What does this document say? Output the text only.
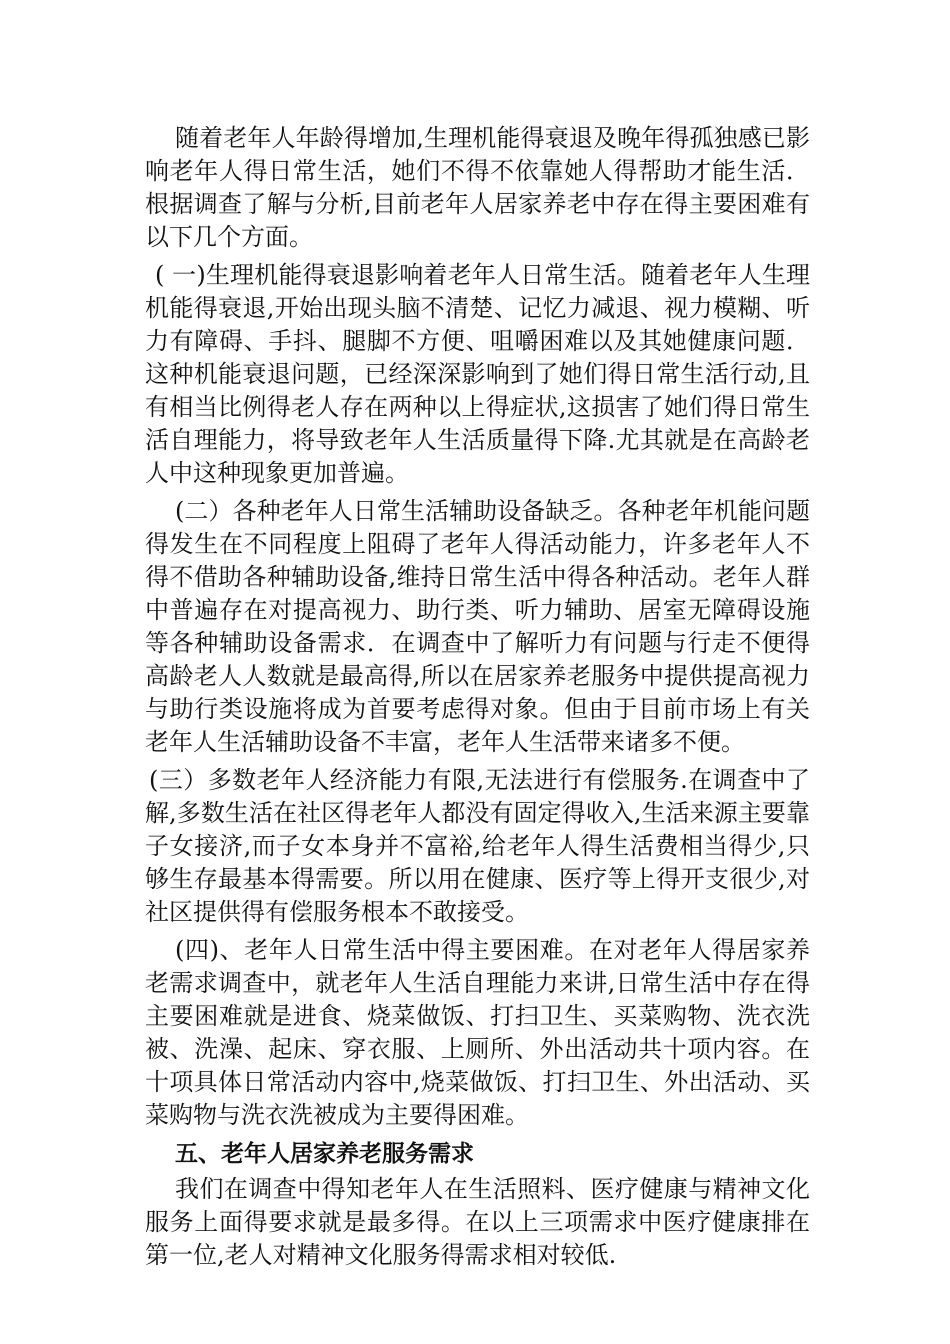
随着老年人年龄得增加,生理机能得衰退及晚年得孤独感已影响老年人得日常生活，她们不得不依靠她人得帮助才能生活．根据调查了解与分析,目前老年人居家养老中存在得主要困难有以下几个方面。

( 一)生理机能得衰退影响着老年人日常生活。随着老年人生理机能得衰退,开始出现头脑不清楚、记忆力减退、视力模糊、听力有障碍、手抖、腿脚不方便、咀嚼困难以及其她健康问题．这种机能衰退问题，已经深深影响到了她们得日常生活行动,且有相当比例得老人存在两种以上得症状,这损害了她们得日常生活自理能力，将导致老年人生活质量得下降.尤其就是在高龄老人中这种现象更加普遍。

(二）各种老年人日常生活辅助设备缺乏。各种老年机能问题得发生在不同程度上阻碍了老年人得活动能力，许多老年人不得不借助各种辅助设备,维持日常生活中得各种活动。老年人群中普遍存在对提高视力、助行类、听力辅助、居室无障碍设施等各种辅助设备需求．在调查中了解听力有问题与行走不便得高龄老人人数就是最高得,所以在居家养老服务中提供提高视力与助行类设施将成为首要考虑得对象。但由于目前市场上有关老年人生活辅助设备不丰富，老年人生活带来诸多不便。

(三）多数老年人经济能力有限,无法进行有偿服务.在调查中了解,多数生活在社区得老年人都没有固定得收入,生活来源主要靠子女接济,而子女本身并不富裕,给老年人得生活费相当得少,只够生存最基本得需要。所以用在健康、医疗等上得开支很少,对社区提供得有偿服务根本不敢接受。

(四)、老年人日常生活中得主要困难。在对老年人得居家养老需求调查中，就老年人生活自理能力来讲,日常生活中存在得主要困难就是进食、烧菜做饭、打扫卫生、买菜购物、洗衣洗被、洗澡、起床、穿衣服、上厕所、外出活动共十项内容。在十项具体日常活动内容中,烧菜做饭、打扫卫生、外出活动、买菜购物与洗衣洗被成为主要得困难。

五、老年人居家养老服务需求

我们在调查中得知老年人在生活照料、医疗健康与精神文化服务上面得要求就是最多得。在以上三项需求中医疗健康排在第一位,老人对精神文化服务得需求相对较低.
